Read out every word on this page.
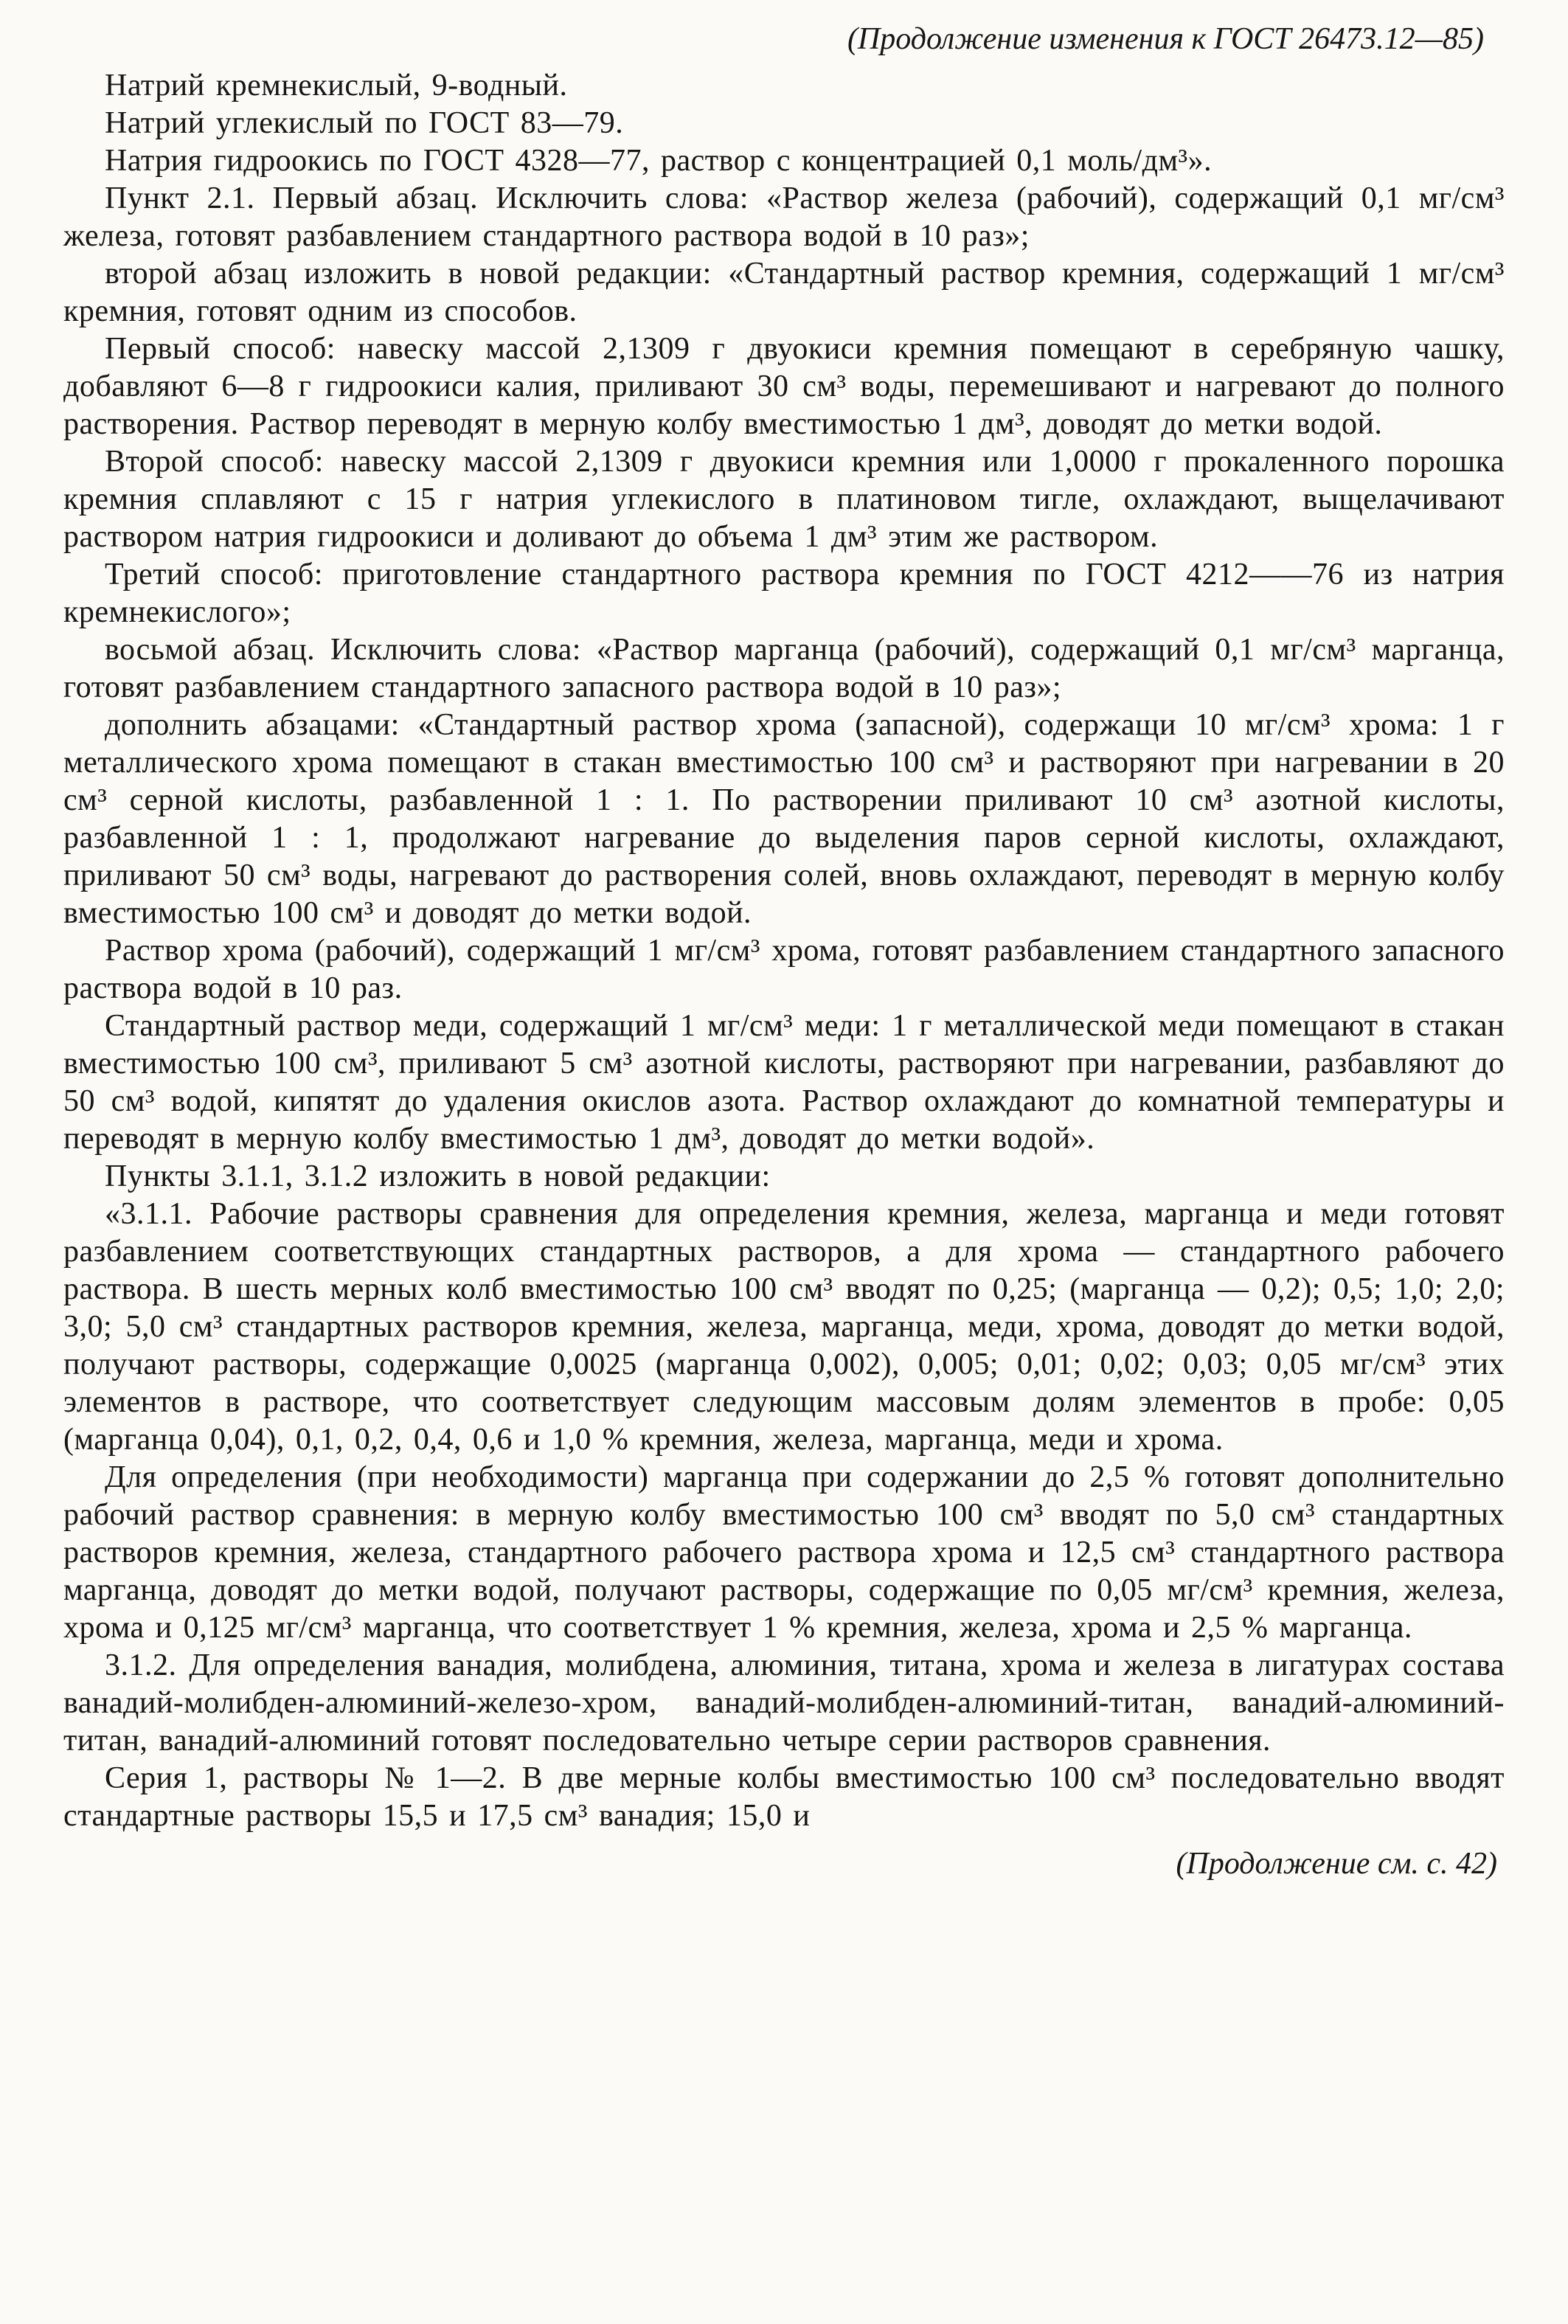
(Продолжение изменения к ГОСТ 26473.12—85)

Натрий кремнекислый, 9-водный.

Натрий углекислый по ГОСТ 83—79.

Натрия гидроокись по ГОСТ 4328—77, раствор с концентрацией 0,1 моль/дм³».

Пункт 2.1. Первый абзац. Исключить слова: «Раствор железа (рабочий), содержащий 0,1 мг/см³ железа, готовят разбавлением стандартного раствора водой в 10 раз»;

второй абзац изложить в новой редакции: «Стандартный раствор кремния, содержащий 1 мг/см³ кремния, готовят одним из способов.

Первый способ: навеску массой 2,1309 г двуокиси кремния помещают в серебряную чашку, добавляют 6—8 г гидроокиси калия, приливают 30 см³ воды, перемешивают и нагревают до полного растворения. Раствор переводят в мерную колбу вместимостью 1 дм³, доводят до метки водой.

Второй способ: навеску массой 2,1309 г двуокиси кремния или 1,0000 г прокаленного порошка кремния сплавляют с 15 г натрия углекислого в платиновом тигле, охлаждают, выщелачивают раствором натрия гидроокиси и доливают до объема 1 дм³ этим же раствором.

Третий способ: приготовление стандартного раствора кремния по ГОСТ 4212——76 из натрия кремнекислого»;

восьмой абзац. Исключить слова: «Раствор марганца (рабочий), содержащий 0,1 мг/см³ марганца, готовят разбавлением стандартного запасного раствора водой в 10 раз»;

дополнить абзацами: «Стандартный раствор хрома (запасной), содержащи 10 мг/см³ хрома: 1 г металлического хрома помещают в стакан вместимостью 100 см³ и растворяют при нагревании в 20 см³ серной кислоты, разбавленной 1 : 1. По растворении приливают 10 см³ азотной кислоты, разбавленной 1 : 1, продолжают нагревание до выделения паров серной кислоты, охлаждают, приливают 50 см³ воды, нагревают до растворения солей, вновь охлаждают, переводят в мерную колбу вместимостью 100 см³ и доводят до метки водой.

Раствор хрома (рабочий), содержащий 1 мг/см³ хрома, готовят разбавлением стандартного запасного раствора водой в 10 раз.

Стандартный раствор меди, содержащий 1 мг/см³ меди: 1 г металлической меди помещают в стакан вместимостью 100 см³, приливают 5 см³ азотной кислоты, растворяют при нагревании, разбавляют до 50 см³ водой, кипятят до удаления окислов азота. Раствор охлаждают до комнатной температуры и переводят в мерную колбу вместимостью 1 дм³, доводят до метки водой».

Пункты 3.1.1, 3.1.2 изложить в новой редакции:

«3.1.1. Рабочие растворы сравнения для определения кремния, железа, марганца и меди готовят разбавлением соответствующих стандартных растворов, а для хрома — стандартного рабочего раствора. В шесть мерных колб вместимостью 100 см³ вводят по 0,25; (марганца — 0,2); 0,5; 1,0; 2,0; 3,0; 5,0 см³ стандартных растворов кремния, железа, марганца, меди, хрома, доводят до метки водой, получают растворы, содержащие 0,0025 (марганца 0,002), 0,005; 0,01; 0,02; 0,03; 0,05 мг/см³ этих элементов в растворе, что соответствует следующим массовым долям элементов в пробе: 0,05 (марганца 0,04), 0,1, 0,2, 0,4, 0,6 и 1,0 % кремния, железа, марганца, меди и хрома.

Для определения (при необходимости) марганца при содержании до 2,5 % готовят дополнительно рабочий раствор сравнения: в мерную колбу вместимостью 100 см³ вводят по 5,0 см³ стандартных растворов кремния, железа, стандартного рабочего раствора хрома и 12,5 см³ стандартного раствора марганца, доводят до метки водой, получают растворы, содержащие по 0,05 мг/см³ кремния, железа, хрома и 0,125 мг/см³ марганца, что соответствует 1 % кремния, железа, хрома и 2,5 % марганца.

3.1.2. Для определения ванадия, молибдена, алюминия, титана, хрома и железа в лигатурах состава ванадий-молибден-алюминий-железо-хром, ванадий-молибден-алюминий-титан, ванадий-алюминий-титан, ванадий-алюминий готовят последовательно четыре серии растворов сравнения.

Серия 1, растворы № 1—2. В две мерные колбы вместимостью 100 см³ последовательно вводят стандартные растворы 15,5 и 17,5 см³ ванадия; 15,0 и

(Продолжение см. с. 42)
